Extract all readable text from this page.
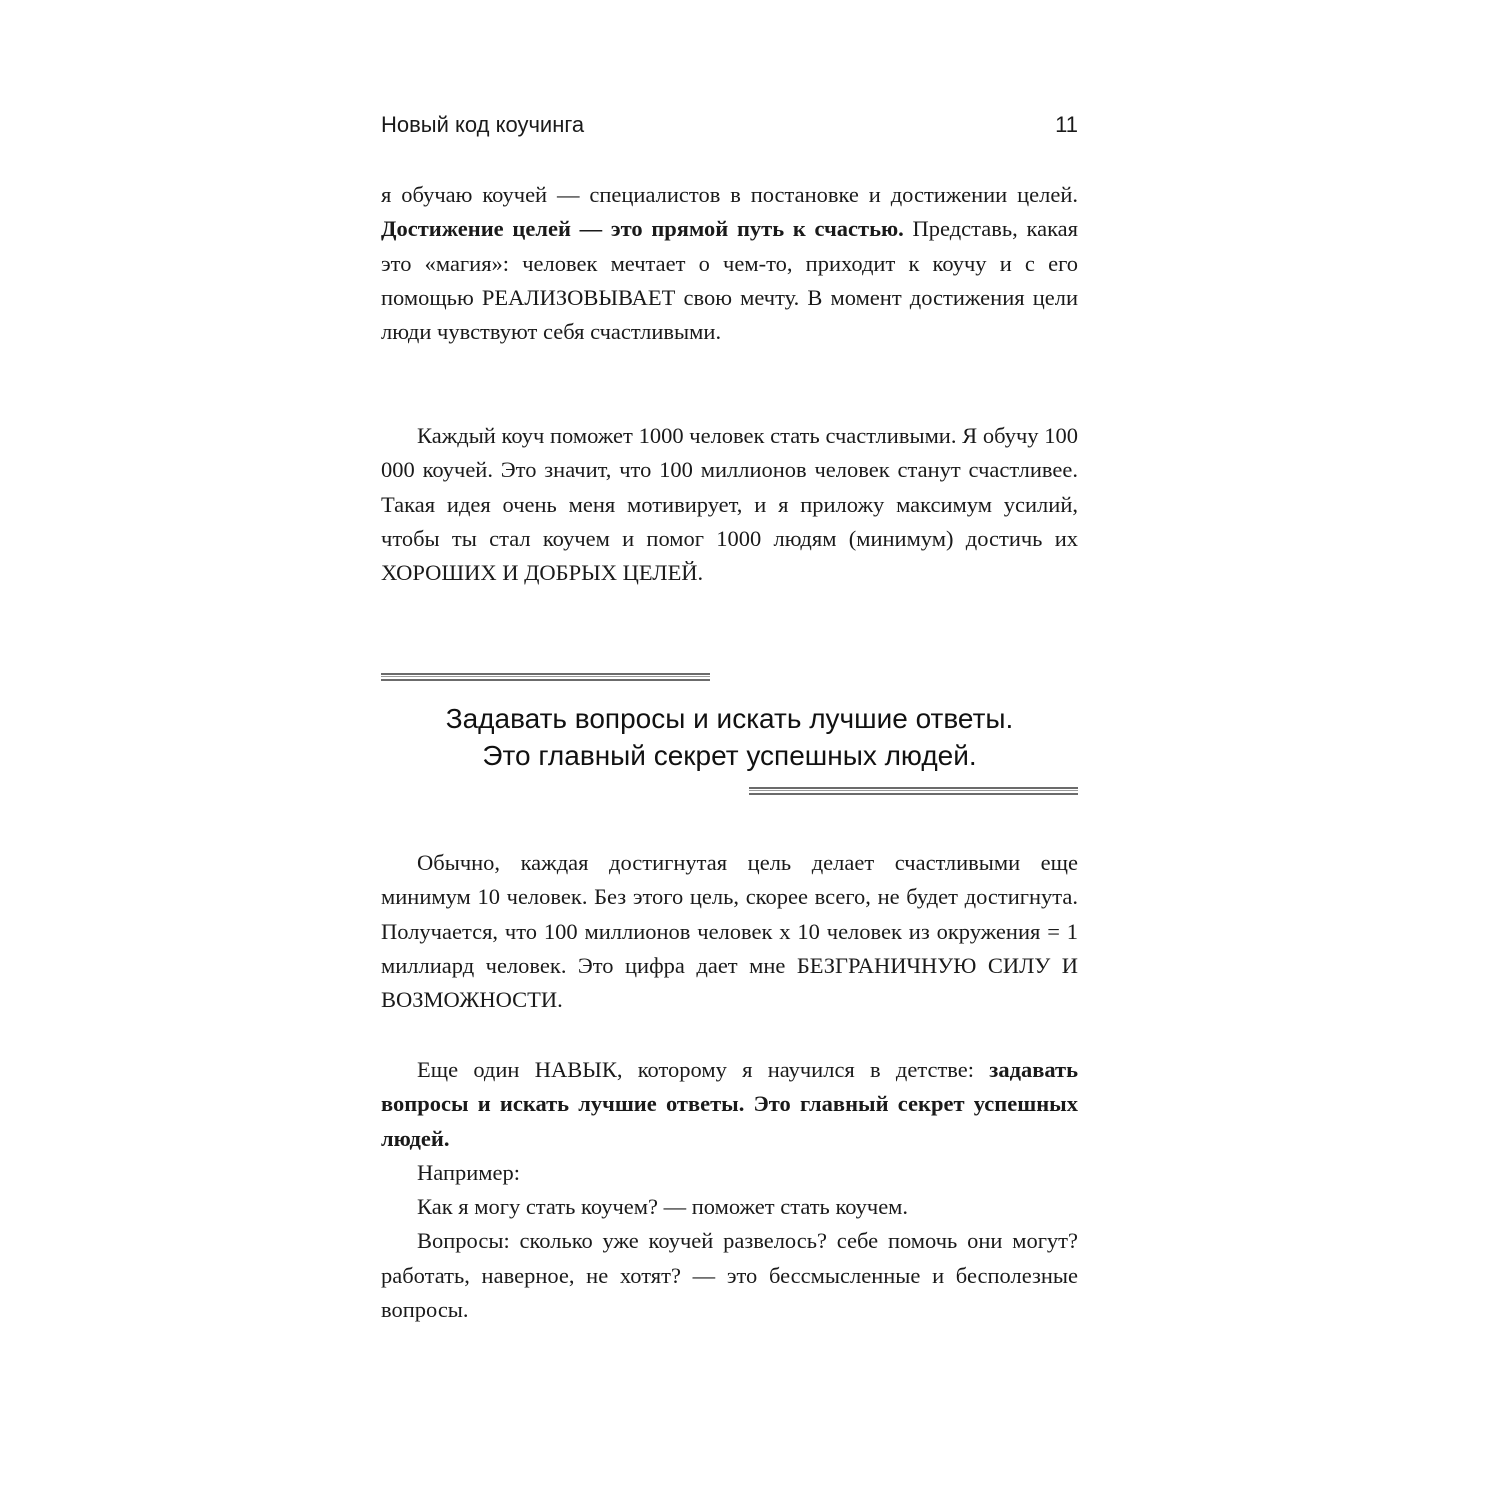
Новый код коучинга	11

я обучаю коучей — специалистов в постановке и достижении целей. Достижение целей — это прямой путь к счастью. Представь, какая это «магия»: человек мечтает о чем-то, приходит к коучу и с его помощью РЕАЛИЗОВЫВАЕТ свою мечту. В момент достижения цели люди чувствуют себя счастливыми.

Каждый коуч поможет 1000 человек стать счастливыми. Я обучу 100 000 коучей. Это значит, что 100 миллионов человек станут счастливее. Такая идея очень меня мотивирует, и я приложу максимум усилий, чтобы ты стал коучем и помог 1000 людям (минимум) достичь их ХОРОШИХ И ДОБРЫХ ЦЕЛЕЙ.

Задавать вопросы и искать лучшие ответы.
Это главный секрет успешных людей.

Обычно, каждая достигнутая цель делает счастливыми еще минимум 10 человек. Без этого цель, скорее всего, не будет достигнута. Получается, что 100 миллионов человек х 10 человек из окружения = 1 миллиард человек. Это цифра дает мне БЕЗГРАНИЧНУЮ СИЛУ И ВОЗМОЖНОСТИ.

Еще один НАВЫК, которому я научился в детстве: задавать вопросы и искать лучшие ответы. Это главный секрет успешных людей.

Например:

Как я могу стать коучем? — поможет стать коучем.

Вопросы: сколько уже коучей развелось? себе помочь они могут? работать, наверное, не хотят? — это бессмысленные и бесполезные вопросы.
